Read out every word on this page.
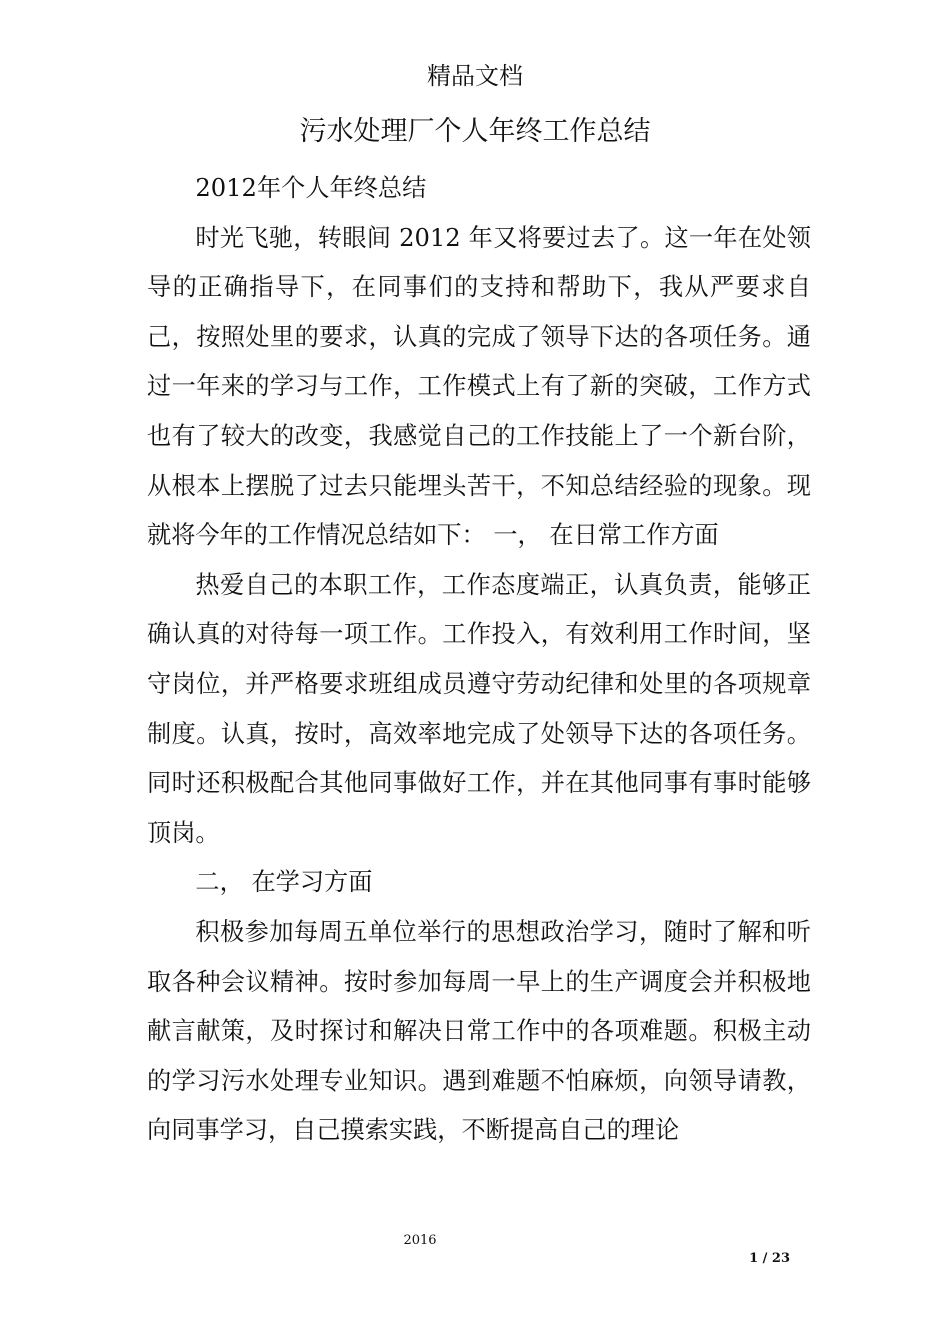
精品文档
污水处理厂个人年终工作总结

2012年个人年终总结

时光飞驰，转眼间 2012 年又将要过去了。这一年在处领导的正确指导下，在同事们的支持和帮助下，我从严要求自己，按照处里的要求，认真的完成了领导下达的各项任务。通过一年来的学习与工作，工作模式上有了新的突破，工作方式也有了较大的改变，我感觉自己的工作技能上了一个新台阶，从根本上摆脱了过去只能埋头苦干，不知总结经验的现象。现就将今年的工作情况总结如下： 一， 在日常工作方面

热爱自己的本职工作，工作态度端正，认真负责，能够正确认真的对待每一项工作。工作投入，有效利用工作时间，坚守岗位，并严格要求班组成员遵守劳动纪律和处里的各项规章制度。认真，按时，高效率地完成了处领导下达的各项任务。同时还积极配合其他同事做好工作，并在其他同事有事时能够顶岗。

二， 在学习方面

积极参加每周五单位举行的思想政治学习，随时了解和听取各种会议精神。按时参加每周一早上的生产调度会并积极地献言献策，及时探讨和解决日常工作中的各项难题。积极主动的学习污水处理专业知识。遇到难题不怕麻烦，向领导请教，向同事学习，自己摸索实践，不断提高自己的理论

2016
1 / 23
